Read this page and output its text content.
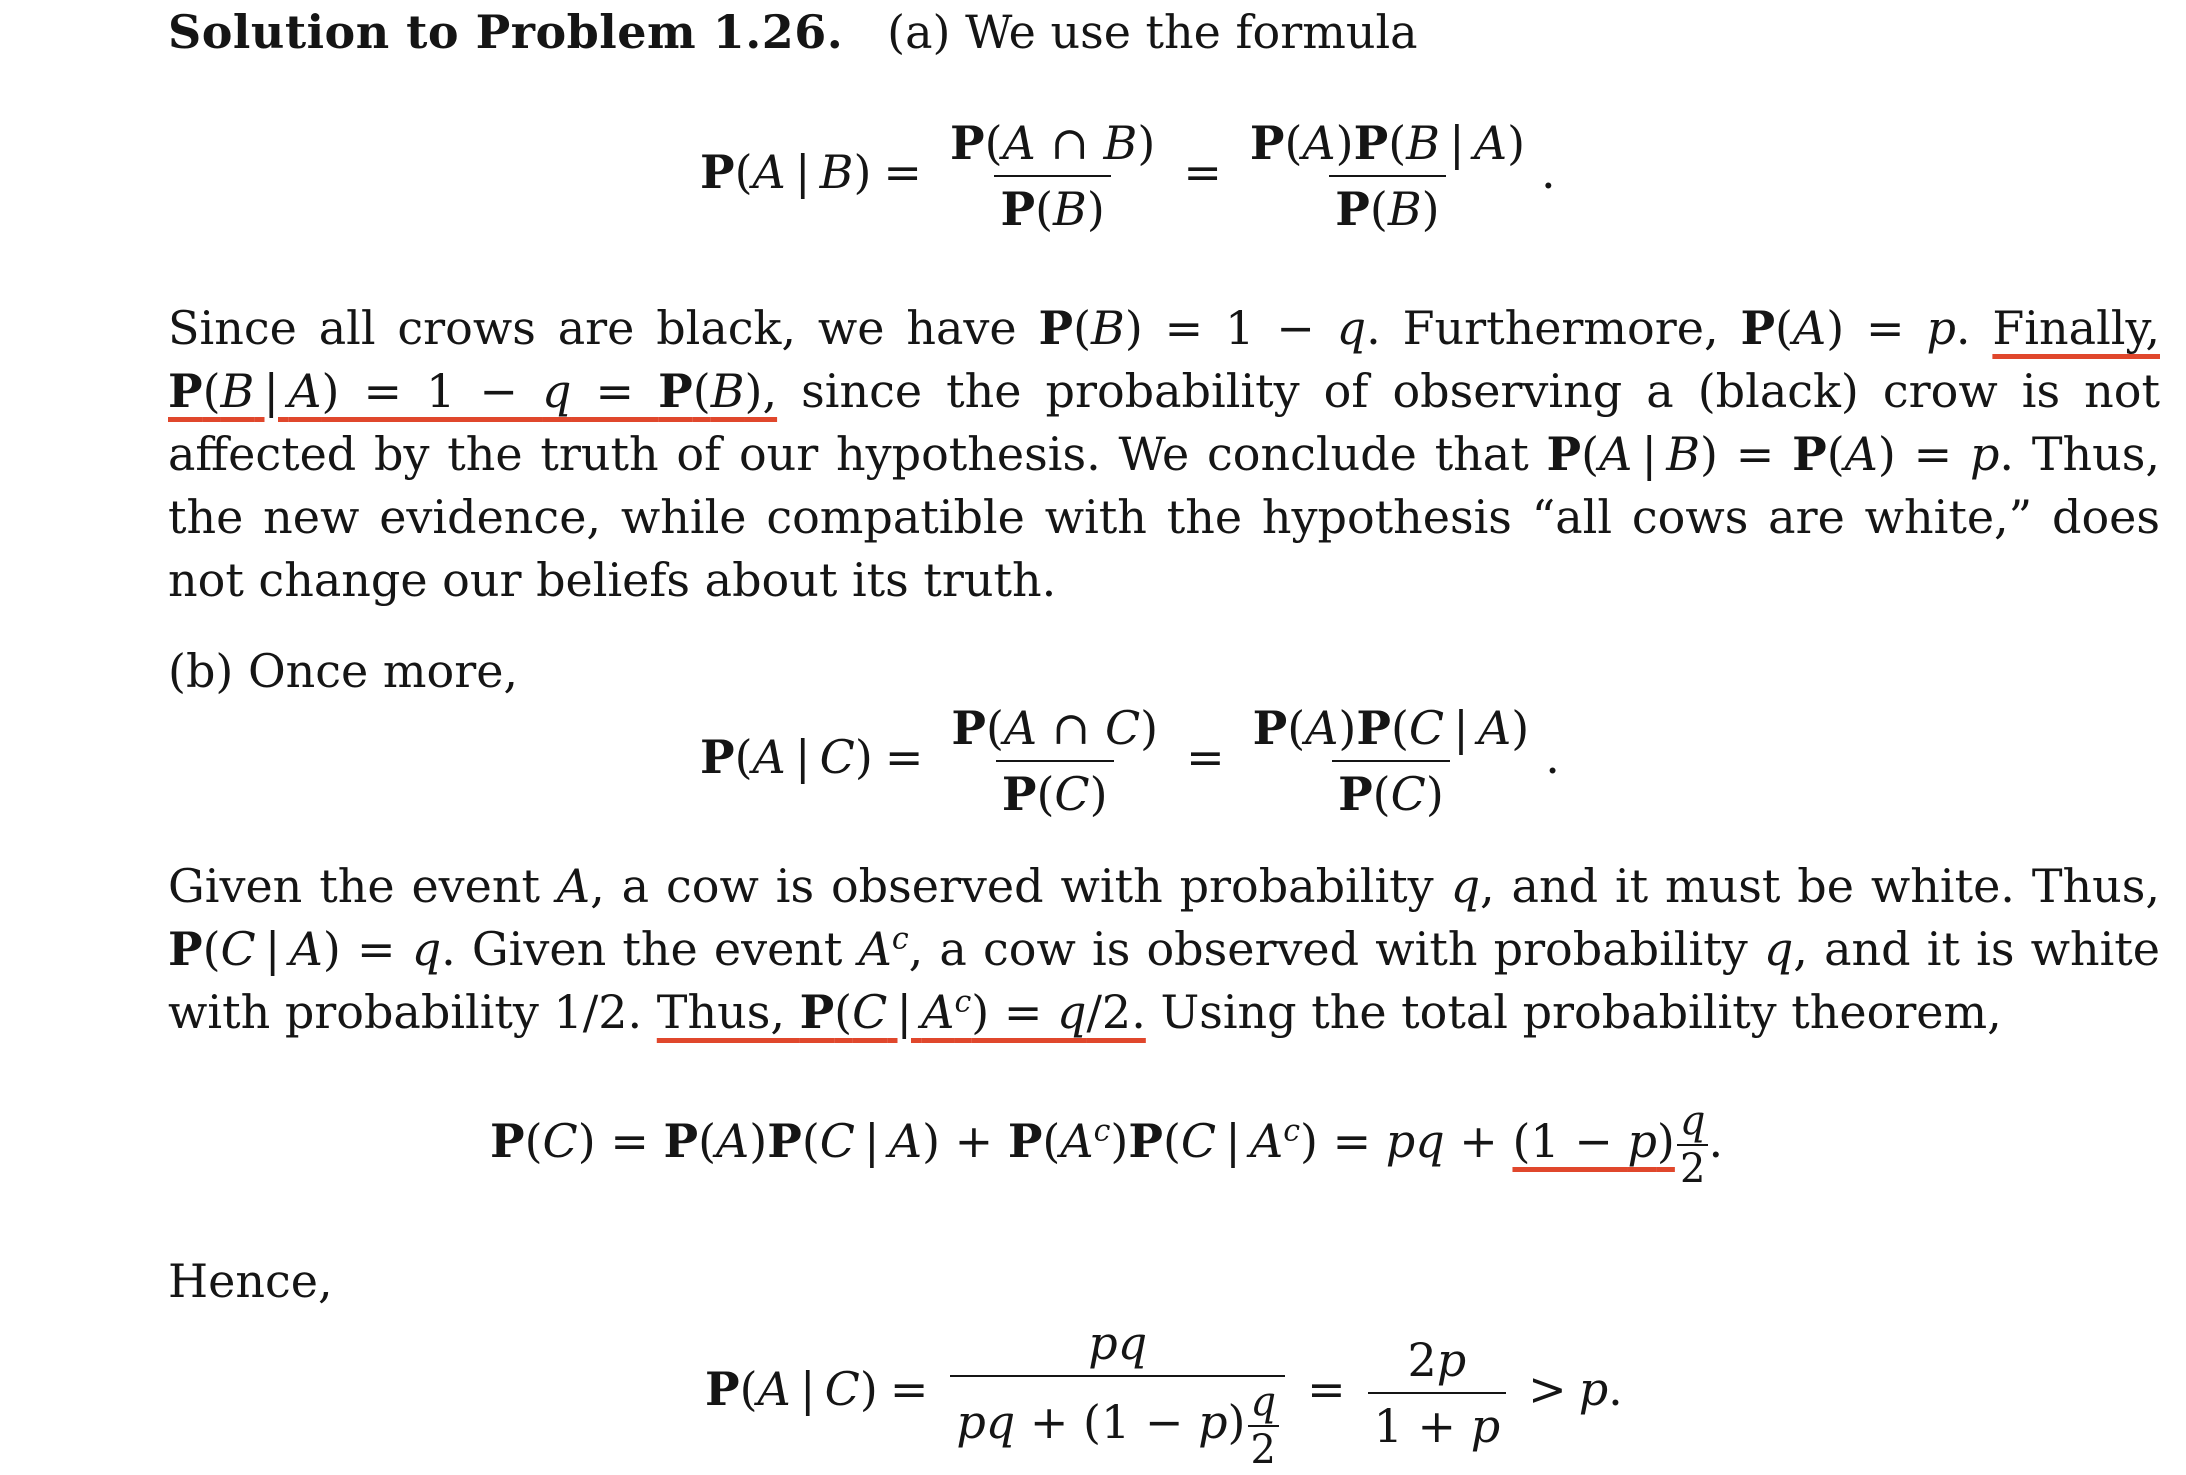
Solution to Problem 1.26.   (a) We use the formula
P(A | $B) = \frac{P(A \cap B)}{P(B)} = \frac{P(A)P(B | A)}{P(B)}$ .

Since all crows are black, we have P(B) = 1 − q. Furthermore, P(A) = p. Finally, P(B | A) = 1 − q = P(B), since the probability of observing a (black) crow is not affected by the truth of our hypothesis. We conclude that P(A | B) = P(A) = p. Thus, the new evidence, while compatible with the hypothesis “all cows are white,” does not change our beliefs about its truth.

(b) Once more,
P(A | $C) = \frac{P(A \cap C)}{P(C)} = \frac{P(A)P(C | A)}{P(C)}$ .

Given the event A, a cow is observed with probability q, and it must be white. Thus, P(C | A) = q. Given the event $A^c$, a cow is observed with probability q, and it is white with probability 1/2. Thus, P(C | $A^c) = q/2$. Using the total probability theorem,

P(C) = P(A)P(C | $A) + P(A^c)P(C$ | $A^c$) = pq + $(1 - p) \frac{q}{2}$ .
Hence,
P(A | $C) = \frac{pq}{pq + (1 - p) \frac{q}{2}} = \frac{2p}{1 + p} > p$.
